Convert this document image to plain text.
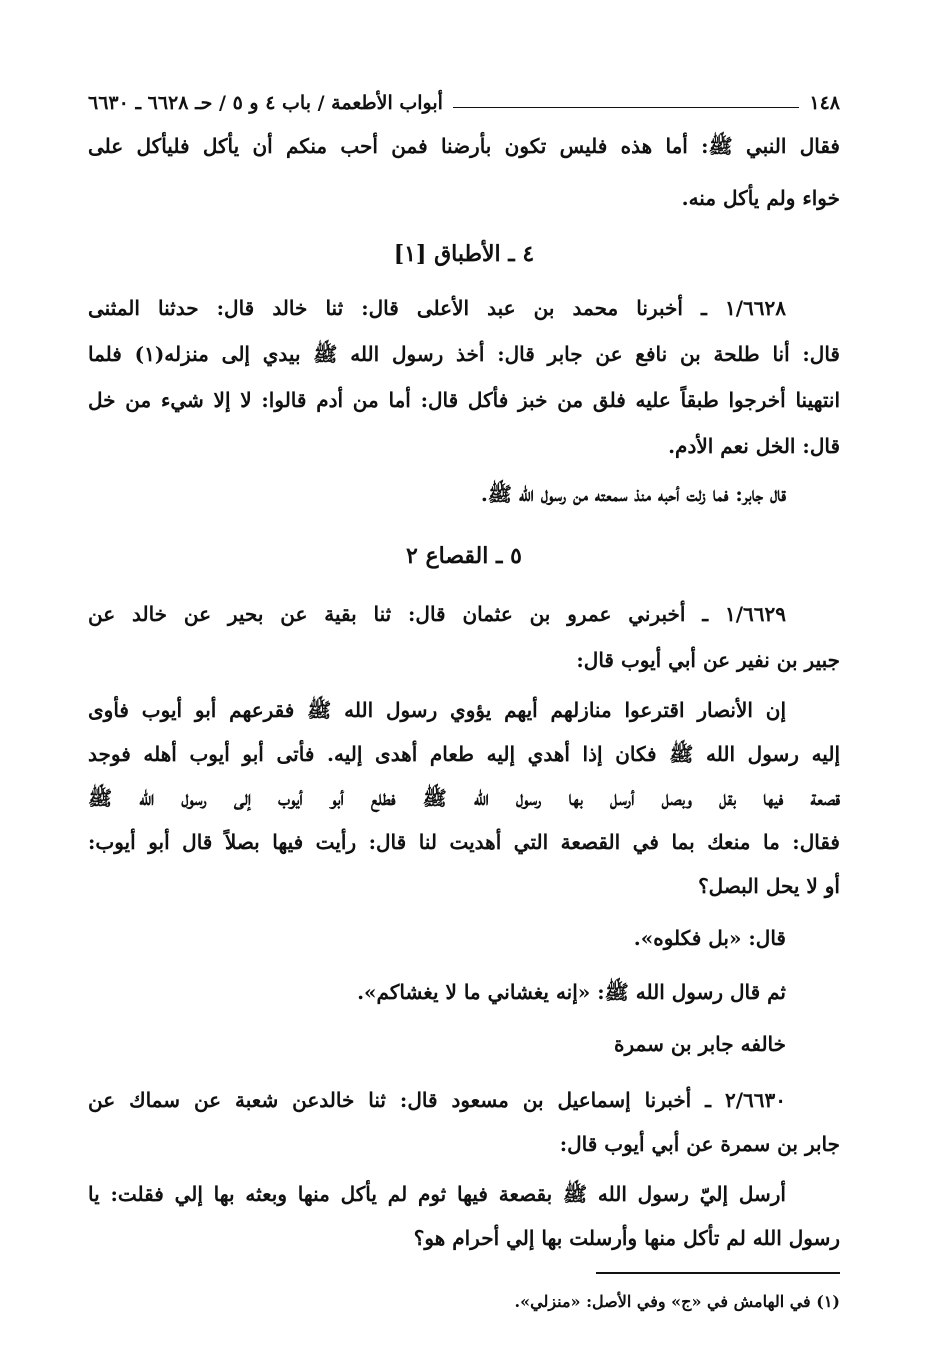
١٤٨
أبواب الأطعمة / باب ٤ و ٥ / حـ ٦٦٢٨ ـ ٦٦٣٠
فقال النبي ﷺ: أما هذه فليس تكون بأرضنا فمن أحب منكم أن يأكل فليأكل على
خواء ولم يأكل منه.
٤ ـ الأطباق [١]
١/٦٦٢٨ ـ أخبرنا محمد بن عبد الأعلى قال: ثنا خالد قال: حدثنا المثنى
قال: أنا طلحة بن نافع عن جابر قال: أخذ رسول الله ﷺ بيدي إلى منزله(١) فلما
انتهينا أخرجوا طبقاً عليه فلق من خبز فأكل قال: أما من أدم قالوا: لا إلا شيء من خل
قال: الخل نعم الأدم.
قال جابر: فما زلت أحبه منذ سمعته من رسول الله ﷺ.
٥ ـ القصاع ٢
١/٦٦٢٩ ـ أخبرني عمرو بن عثمان قال: ثنا بقية عن بحير عن خالد عن
جبير بن نفير عن أبي أيوب قال:
إن الأنصار اقترعوا منازلهم أيهم يؤوي رسول الله ﷺ فقرعهم أبو أيوب فأوى
إليه رسول الله ﷺ فكان إذا أهدي إليه طعام أهدى إليه. فأتى أبو أيوب أهله فوجد
قصعة فيها بقل وبصل أرسل بها رسول الله ﷺ فطلع أبو أيوب إلى رسول الله ﷺ
فقال: ما منعك بما في القصعة التي أهديت لنا قال: رأيت فيها بصلاً قال أبو أيوب:
أو لا يحل البصل؟
قال: «بل فكلوه».
ثم قال رسول الله ﷺ: «إنه يغشاني ما لا يغشاكم».
خالفه جابر بن سمرة
٢/٦٦٣٠ ـ أخبرنا إسماعيل بن مسعود قال: ثنا خالدعن شعبة عن سماك عن
جابر بن سمرة عن أبي أيوب قال:
أرسل إليّ رسول الله ﷺ بقصعة فيها ثوم لم يأكل منها وبعثه بها إلي فقلت: يا
رسول الله لم تأكل منها وأرسلت بها إلي أحرام هو؟
(١) في الهامش في «ج» وفي الأصل: «منزلي».
